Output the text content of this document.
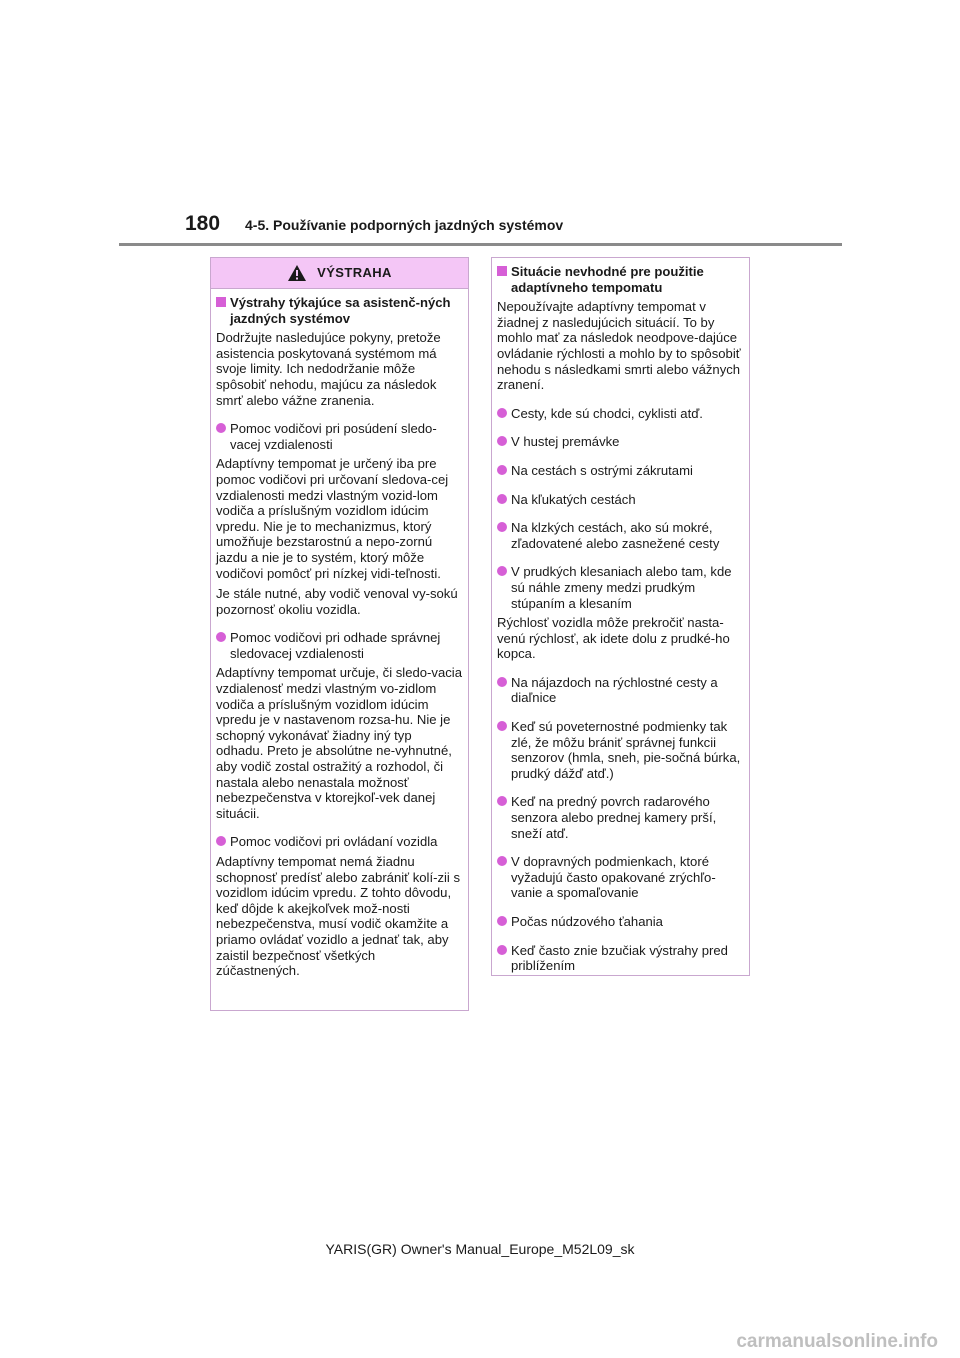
180 4-5. Používanie podporných jazdných systémov
VÝSTRAHA
Výstrahy týkajúce sa asistenč-ných jazdných systémov

Dodržujte nasledujúce pokyny, pretože asistencia poskytovaná systémom má svoje limity. Ich nedodržanie môže spôsobiť nehodu, majúcu za následok smrť alebo vážne zranenia.

Pomoc vodičovi pri posúdení sledo-vacej vzdialenosti

Adaptívny tempomat je určený iba pre pomoc vodičovi pri určovaní sledova-cej vzdialenosti medzi vlastným vozid-lom vodiča a príslušným vozidlom idúcim vpredu. Nie je to mechanizmus, ktorý umožňuje bezstarostnú a nepo-zornú jazdu a nie je to systém, ktorý môže vodičovi pomôcť pri nízkej vidi-teľnosti.

Je stále nutné, aby vodič venoval vy-sokú pozornosť okoliu vozidla.

Pomoc vodičovi pri odhade správnej sledovacej vzdialenosti

Adaptívny tempomat určuje, či sledo-vacia vzdialenosť medzi vlastným vo-zidlom vodiča a príslušným vozidlom idúcim vpredu je v nastavenom rozsa-hu. Nie je schopný vykonávať žiadny iný typ odhadu. Preto je absolútne ne-vyhnutné, aby vodič zostal ostražitý a rozhodol, či nastala alebo nenastala možnosť nebezpečenstva v ktorejkoľ-vek danej situácii.

Pomoc vodičovi pri ovládaní vozidla

Adaptívny tempomat nemá žiadnu schopnosť predísť alebo zabrániť kolí-zii s vozidlom idúcim vpredu. Z tohto dôvodu, keď dôjde k akejkoľvek mož-nosti nebezpečenstva, musí vodič okamžite a priamo ovládať vozidlo a jednať tak, aby zaistil bezpečnosť všetkých zúčastnených.

Situácie nevhodné pre použitie adaptívneho tempomatu

Nepoužívajte adaptívny tempomat v žiadnej z nasledujúcich situácií. To by mohlo mať za následok neodpove-dajúce ovládanie rýchlosti a mohlo by to spôsobiť nehodu s následkami smrti alebo vážnych zranení.

Cesty, kde sú chodci, cyklisti atď.
V hustej premávke
Na cestách s ostrými zákrutami
Na kľukatých cestách
Na klzkých cestách, ako sú mokré, zľadovatené alebo zasnežené cesty
V prudkých klesaniach alebo tam, kde sú náhle zmeny medzi prudkým stúpaním a klesaním

Rýchlosť vozidla môže prekročiť nasta-venú rýchlosť, ak idete dolu z prudké-ho kopca.

Na nájazdoch na rýchlostné cesty a diaľnice
Keď sú poveternostné podmienky tak zlé, že môžu brániť správnej funkcii senzorov (hmla, sneh, pie-sočná búrka, prudký dážď atď.)
Keď na predný povrch radarového senzora alebo prednej kamery prší, sneží atď.
V dopravných podmienkach, ktoré vyžadujú často opakované zrýchľo-vanie a spomaľovanie
Počas núdzového ťahania
Keď často znie bzučiak výstrahy pred priblížením
YARIS(GR) Owner's Manual_Europe_M52L09_sk
carmanualsonline.info
